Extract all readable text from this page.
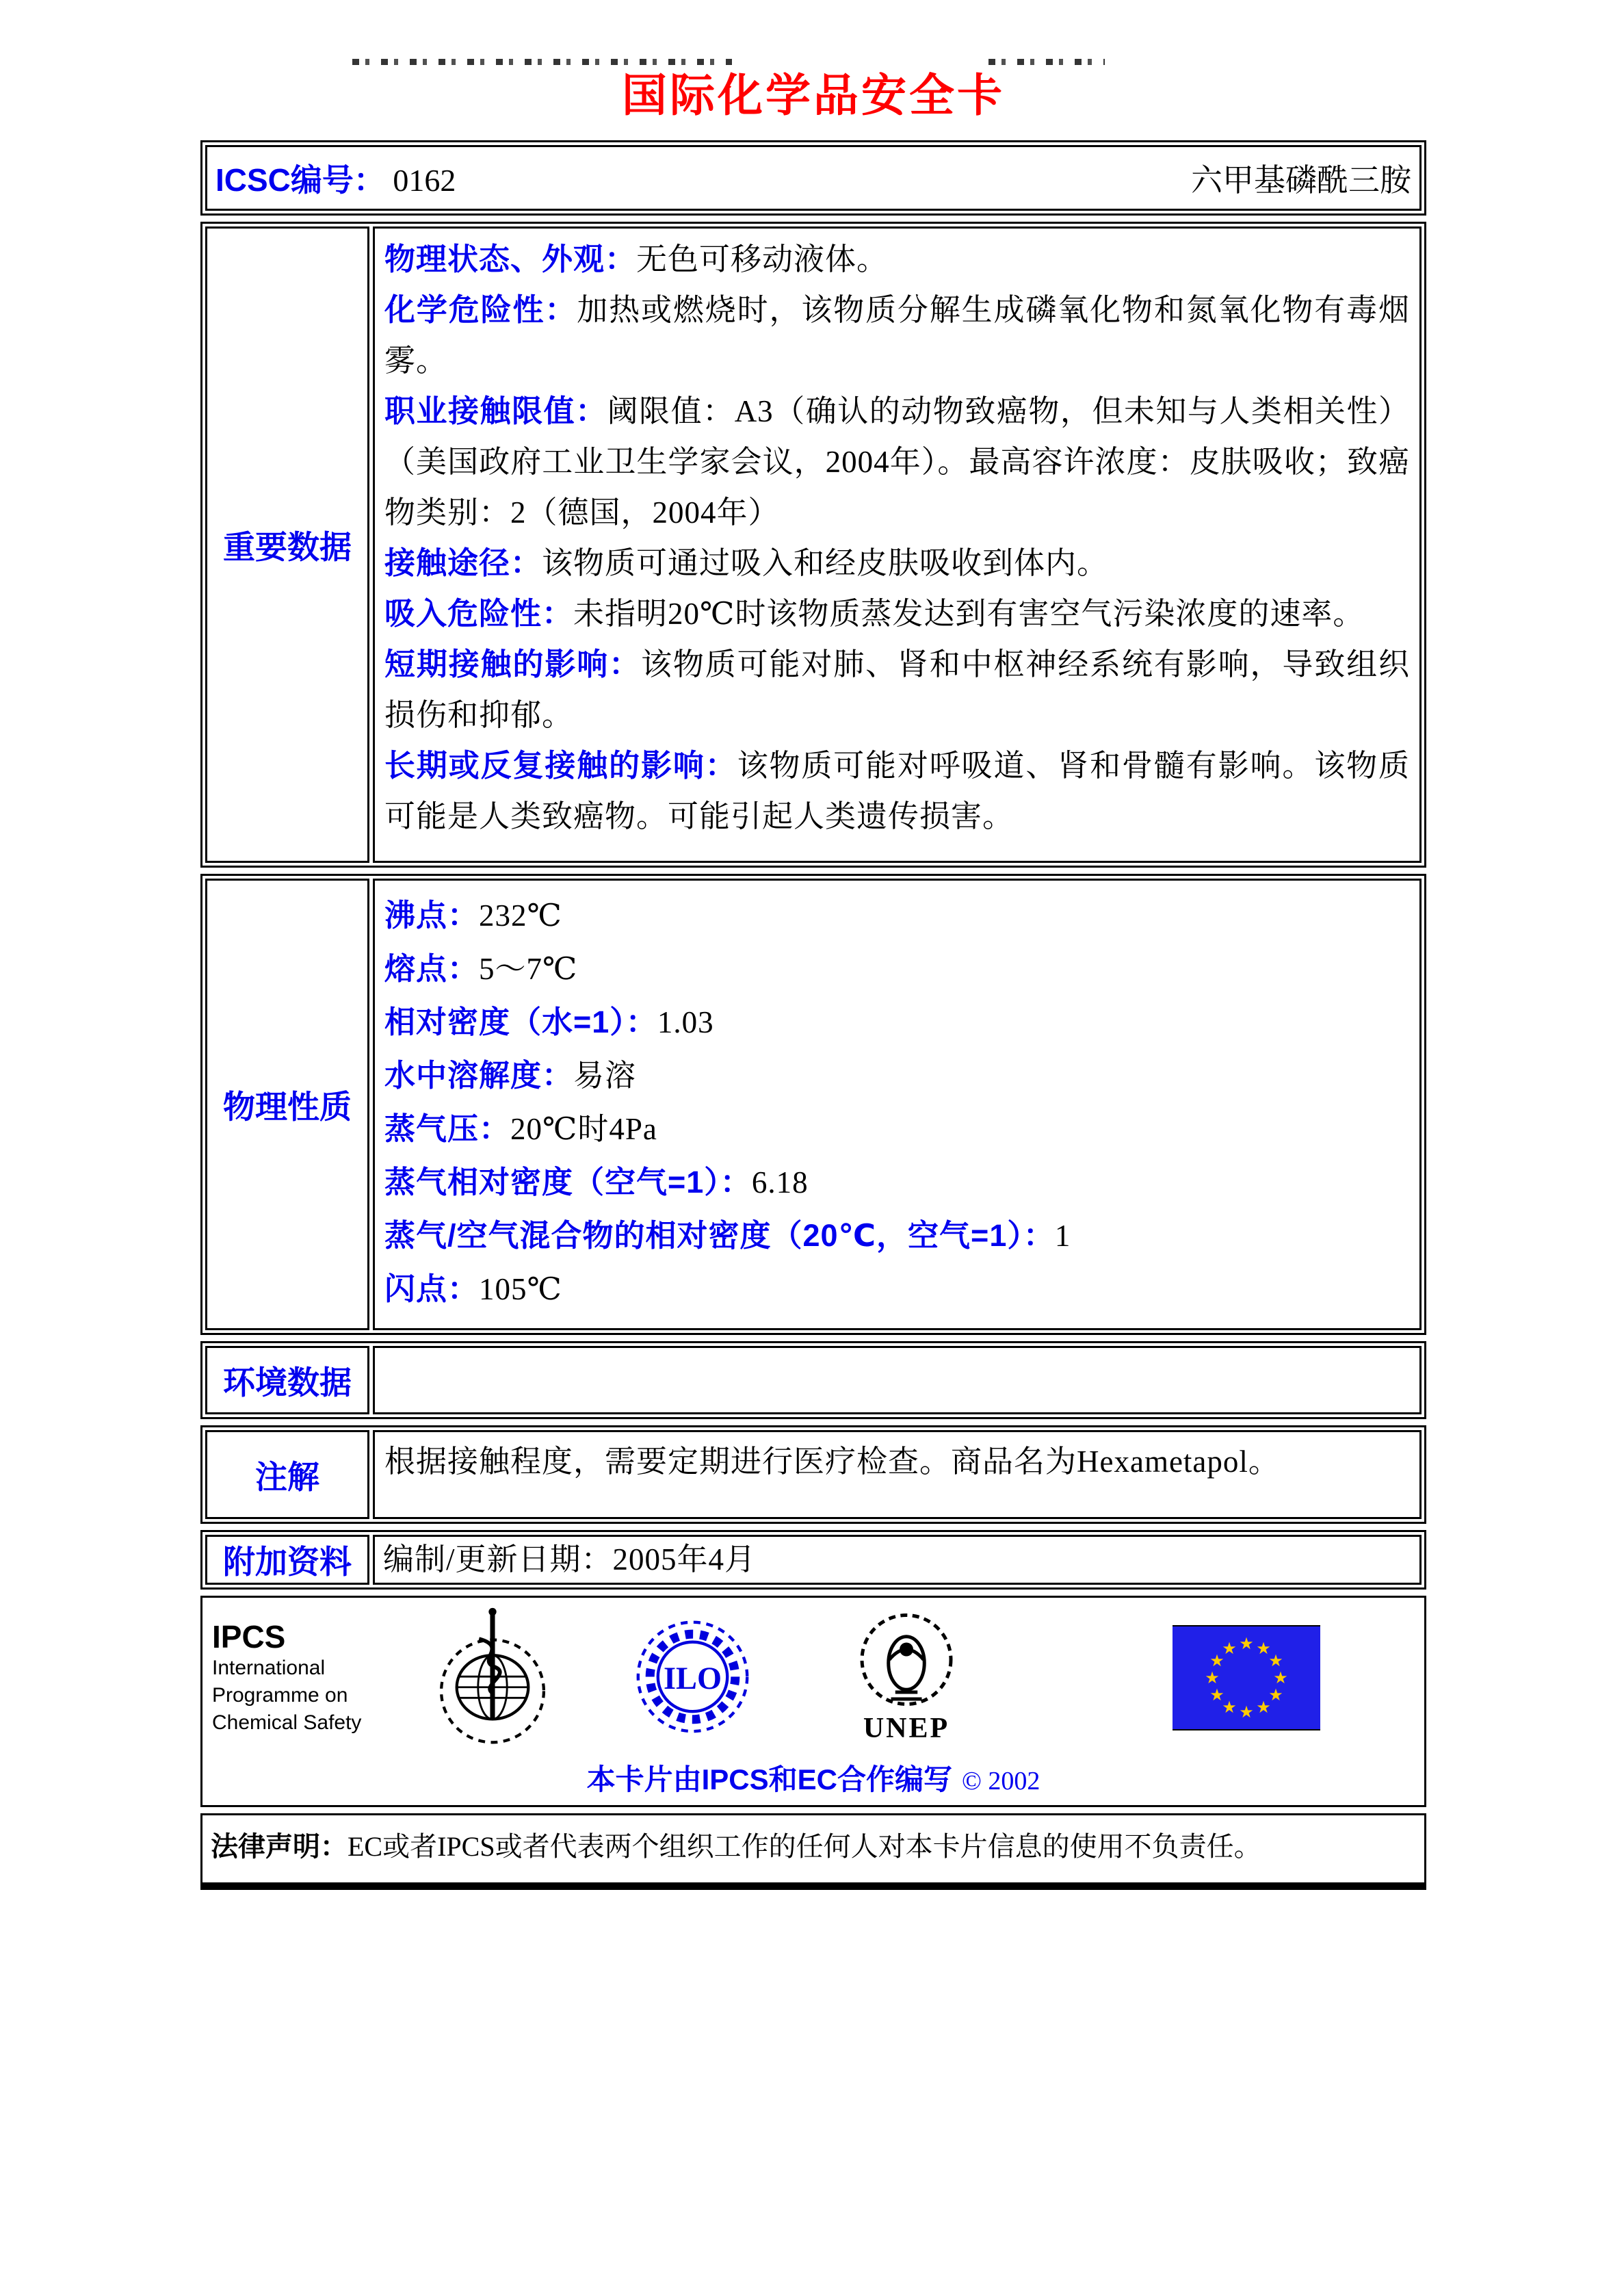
国际化学品安全卡
ICSC编号： 0162	六甲基磷酰三胺
重要数据
物理状态、外观：无色可移动液体。
化学危险性：加热或燃烧时，该物质分解生成磷氧化物和氮氧化物有毒烟雾。
职业接触限值：阈限值：A3（确认的动物致癌物，但未知与人类相关性）（美国政府工业卫生学家会议，2004年）。最高容许浓度：皮肤吸收；致癌物类别：2（德国，2004年）
接触途径：该物质可通过吸入和经皮肤吸收到体内。
吸入危险性：未指明20℃时该物质蒸发达到有害空气污染浓度的速率。
短期接触的影响：该物质可能对肺、肾和中枢神经系统有影响，导致组织损伤和抑郁。
长期或反复接触的影响：该物质可能对呼吸道、肾和骨髓有影响。该物质可能是人类致癌物。可能引起人类遗传损害。
物理性质
沸点：232℃
熔点：5～7℃
相对密度（水=1）：1.03
水中溶解度：易溶
蒸气压：20℃时4Pa
蒸气相对密度（空气=1）：6.18
蒸气/空气混合物的相对密度（20℃，空气=1）：1
闪点：105℃
环境数据
注解	根据接触程度，需要定期进行医疗检查。商品名为Hexametapol。
附加资料	编制/更新日期：2005年4月
IPCS
International
Programme on
Chemical Safety
ILO
UNEP
★ ★
★
★
★
★
★
★
★
★
★
★
本卡片由IPCS和EC合作编写 © 2002
法律声明：EC或者IPCS或者代表两个组织工作的任何人对本卡片信息的使用不负责任。
